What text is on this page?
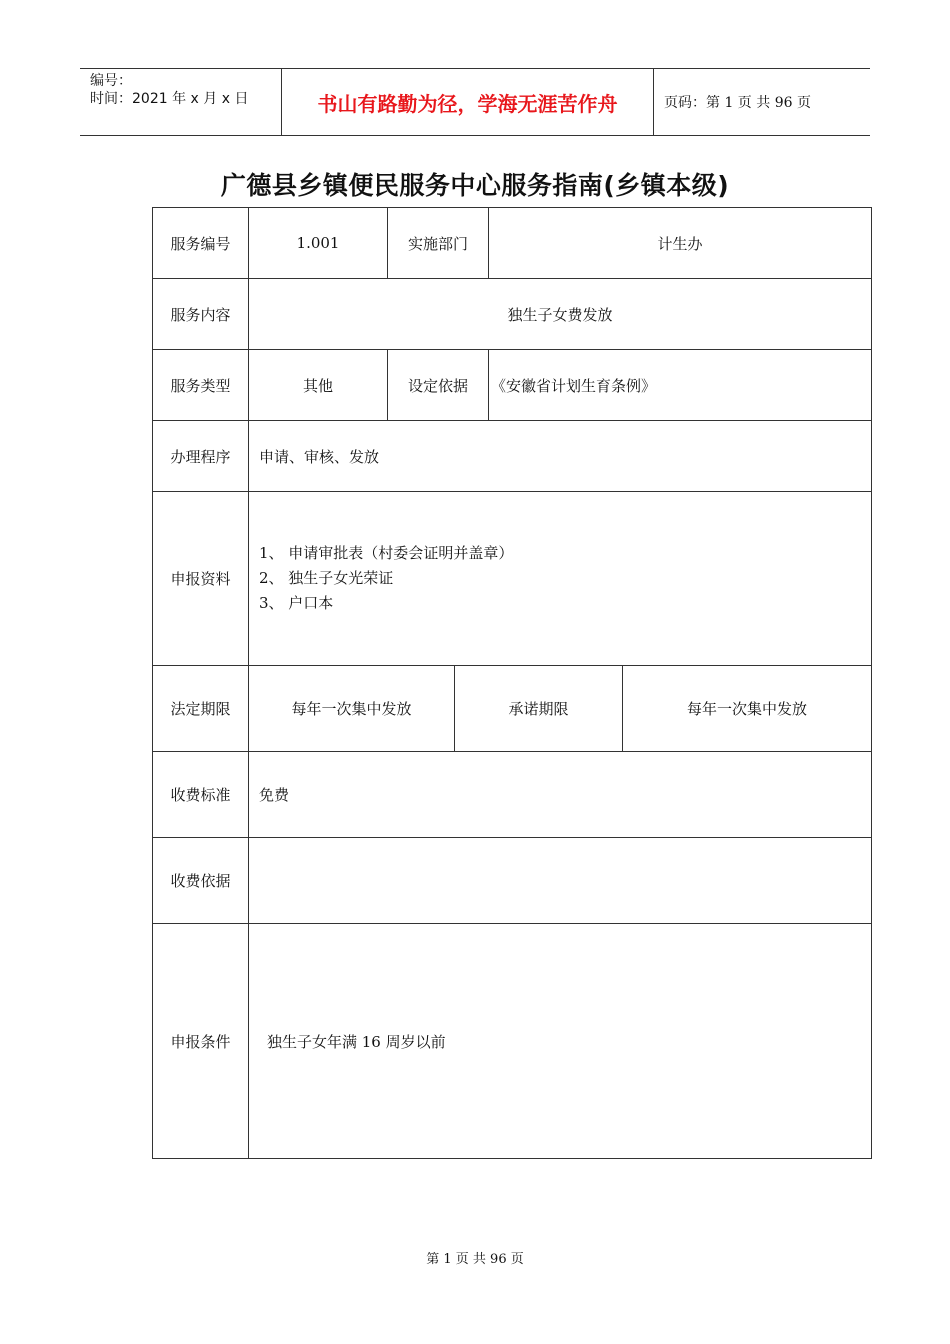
编号：
时间：2021 年 x 月 x 日	书山有路勤为径，学海无涯苦作舟	页码：第 1 页 共 96 页
广德县乡镇便民服务中心服务指南(乡镇本级)
服务编号	1.001	实施部门		计生办	
服务内容	独生子女费发放				
服务类型	其他	设定依据		《安徽省计划生育条例》	
办理程序	申请、审核、发放				
申报资料	1、 申请审批表（村委会证明并盖章）
2、 独生子女光荣证
3、 户口本				

法定期限	每年一次集中发放		承诺期限		每年一次集中发放
收费标准	免费				
收费依据					
申报条件	独生子女年满 16 周岁以前				
第 1 页 共 96 页
